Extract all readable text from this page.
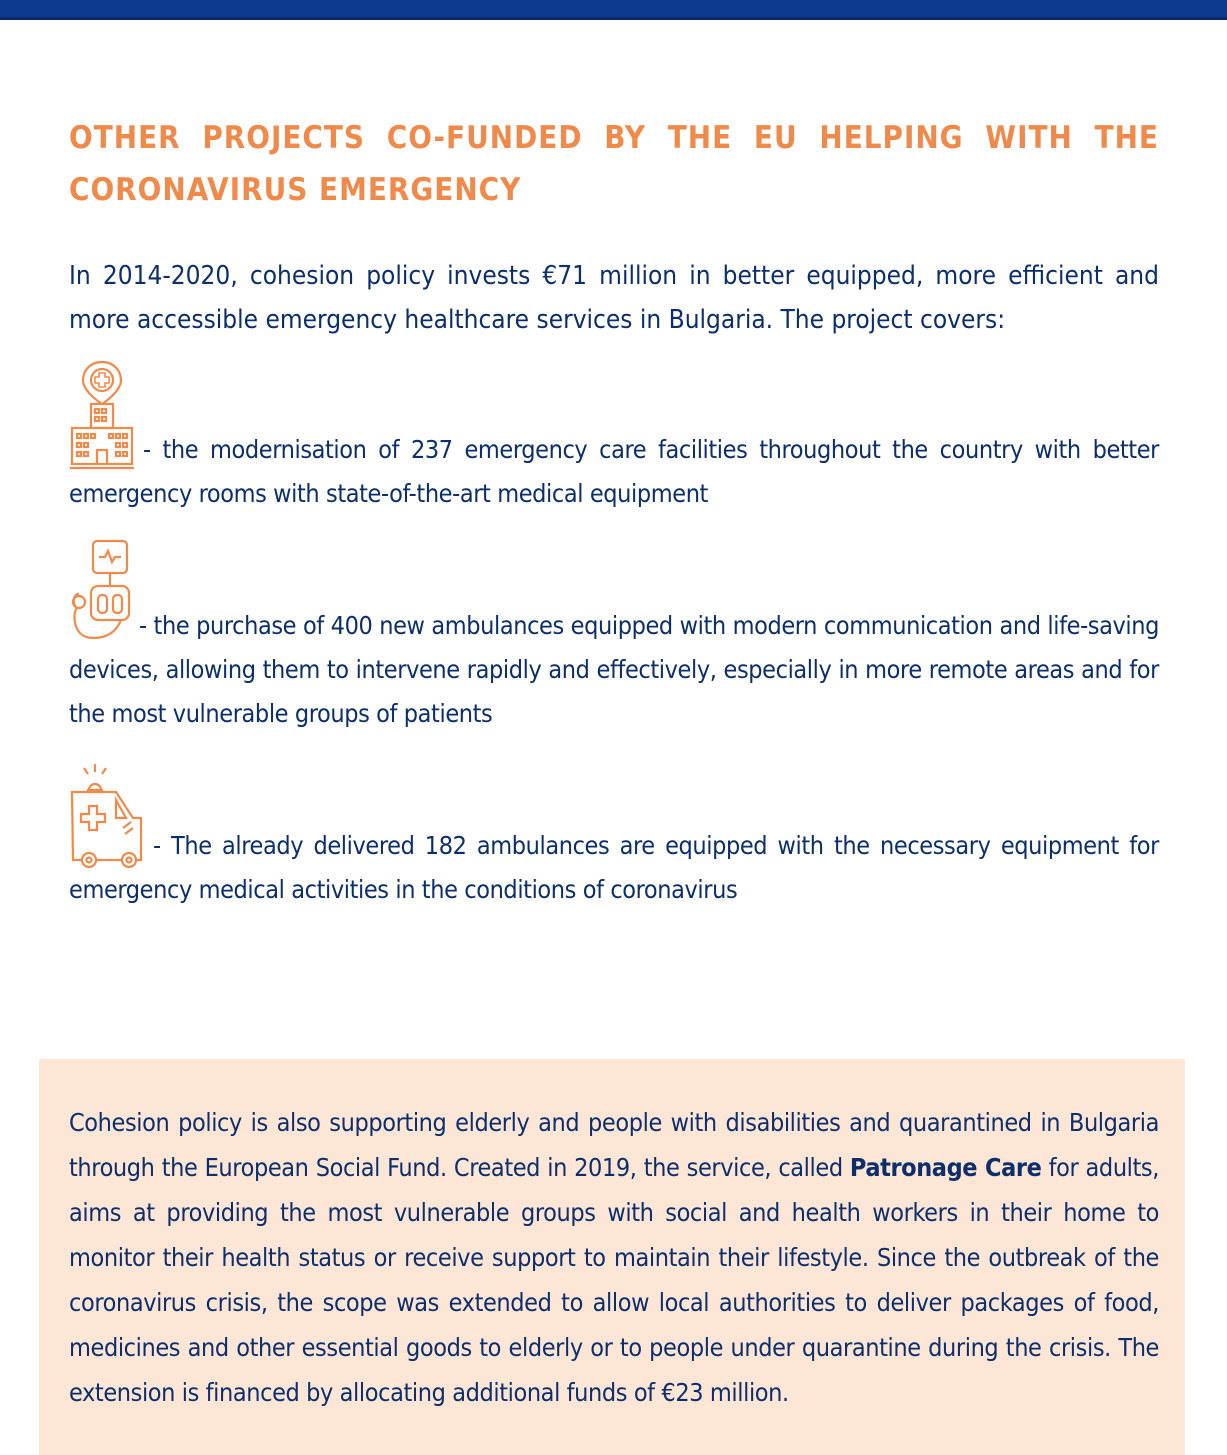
OTHER PROJECTS CO-FUNDED BY THE EU HELPING WITH THE CORONAVIRUS EMERGENCY

In 2014-2020, cohesion policy invests €71 million in better equipped, more efficient and more accessible emergency healthcare services in Bulgaria. The project covers:

- the modernisation of 237 emergency care facilities throughout the country with better emergency rooms with state-of-the-art medical equipment

- the purchase of 400 new ambulances equipped with modern communication and life-saving devices, allowing them to intervene rapidly and effectively, especially in more remote areas and for the most vulnerable groups of patients

- The already delivered 182 ambulances are equipped with the necessary equipment for emergency medical activities in the conditions of coronavirus

Cohesion policy is also supporting elderly and people with disabilities and quarantined in Bulgaria through the European Social Fund. Created in 2019, the service, called Patronage Care for adults, aims at providing the most vulnerable groups with social and health workers in their home to monitor their health status or receive support to maintain their lifestyle. Since the outbreak of the coronavirus crisis, the scope was extended to allow local authorities to deliver packages of food, medicines and other essential goods to elderly or to people under quarantine during the crisis. The extension is financed by allocating additional funds of €23 million.
